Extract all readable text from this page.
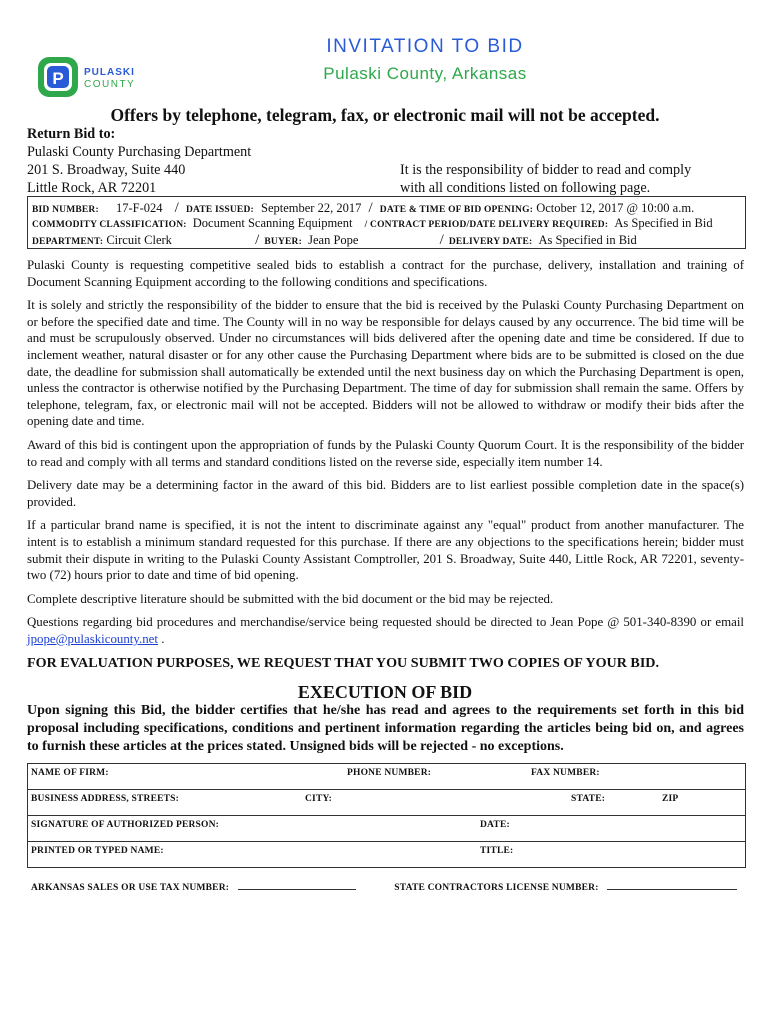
P PULASKI
COUNTY
INVITATION TO BID
Pulaski County, Arkansas
Offers by telephone, telegram, fax, or electronic mail will not be accepted.
Return Bid to:
Pulaski County Purchasing Department
201 S. Broadway, Suite 440
Little Rock, AR 72201
It is the responsibility of bidder to read and comply
with all conditions listed on following page.
BID NUMBER: 17-F-024 / DATE ISSUED: September 22, 2017 / DATE & TIME OF BID OPENING: October 12, 2017 @ 10:00 a.m.
COMMODITY CLASSIFICATION: Document Scanning Equipment / CONTRACT PERIOD/DATE DELIVERY REQUIRED: As Specified in Bid
DEPARTMENT: Circuit Clerk	/ BUYER: Jean Pope	/ DELIVERY DATE: As Specified in Bid

Pulaski County is requesting competitive sealed bids to establish a contract for the purchase, delivery, installation and training of Document Scanning Equipment according to the following conditions and specifications.

It is solely and strictly the responsibility of the bidder to ensure that the bid is received by the Pulaski County Purchasing Department on or before the specified date and time. The County will in no way be responsible for delays caused by any occurrence. The bid time will be and must be scrupulously observed. Under no circumstances will bids delivered after the opening date and time be considered. If due to inclement weather, natural disaster or for any other cause the Purchasing Department where bids are to be submitted is closed on the due date, the deadline for submission shall automatically be extended until the next business day on which the Purchasing Department is open, unless the contractor is otherwise notified by the Purchasing Department. The time of day for submission shall remain the same. Offers by telephone, telegram, fax, or electronic mail will not be accepted. Bidders will not be allowed to withdraw or modify their bids after the opening date and time.

Award of this bid is contingent upon the appropriation of funds by the Pulaski County Quorum Court. It is the responsibility of the bidder to read and comply with all terms and standard conditions listed on the reverse side, especially item number 14.

Delivery date may be a determining factor in the award of this bid. Bidders are to list earliest possible completion date in the space(s) provided.

If a particular brand name is specified, it is not the intent to discriminate against any "equal" product from another manufacturer. The intent is to establish a minimum standard requested for this purchase. If there are any objections to the specifications herein; bidder must submit their dispute in writing to the Pulaski County Assistant Comptroller, 201 S. Broadway, Suite 440, Little Rock, AR 72201, seventy-two (72) hours prior to date and time of bid opening.

Complete descriptive literature should be submitted with the bid document or the bid may be rejected.

Questions regarding bid procedures and merchandise/service being requested should be directed to Jean Pope @ 501-340-8390 or email jpope@pulaskicounty.net .

FOR EVALUATION PURPOSES, WE REQUEST THAT YOU SUBMIT TWO COPIES OF YOUR BID.
EXECUTION OF BID
Upon signing this Bid, the bidder certifies that he/she has read and agrees to the requirements set forth in this bid proposal including specifications, conditions and pertinent information regarding the articles being bid on, and agrees to furnish these articles at the prices stated. Unsigned bids will be rejected - no exceptions.
NAME OF FIRM:	PHONE NUMBER:	FAX NUMBER:
BUSINESS ADDRESS, STREETS:	CITY:	STATE:	ZIP
SIGNATURE OF AUTHORIZED PERSON:	DATE:
PRINTED OR TYPED NAME:	TITLE:
ARKANSAS SALES OR USE TAX NUMBER:	STATE CONTRACTORS LICENSE NUMBER:
